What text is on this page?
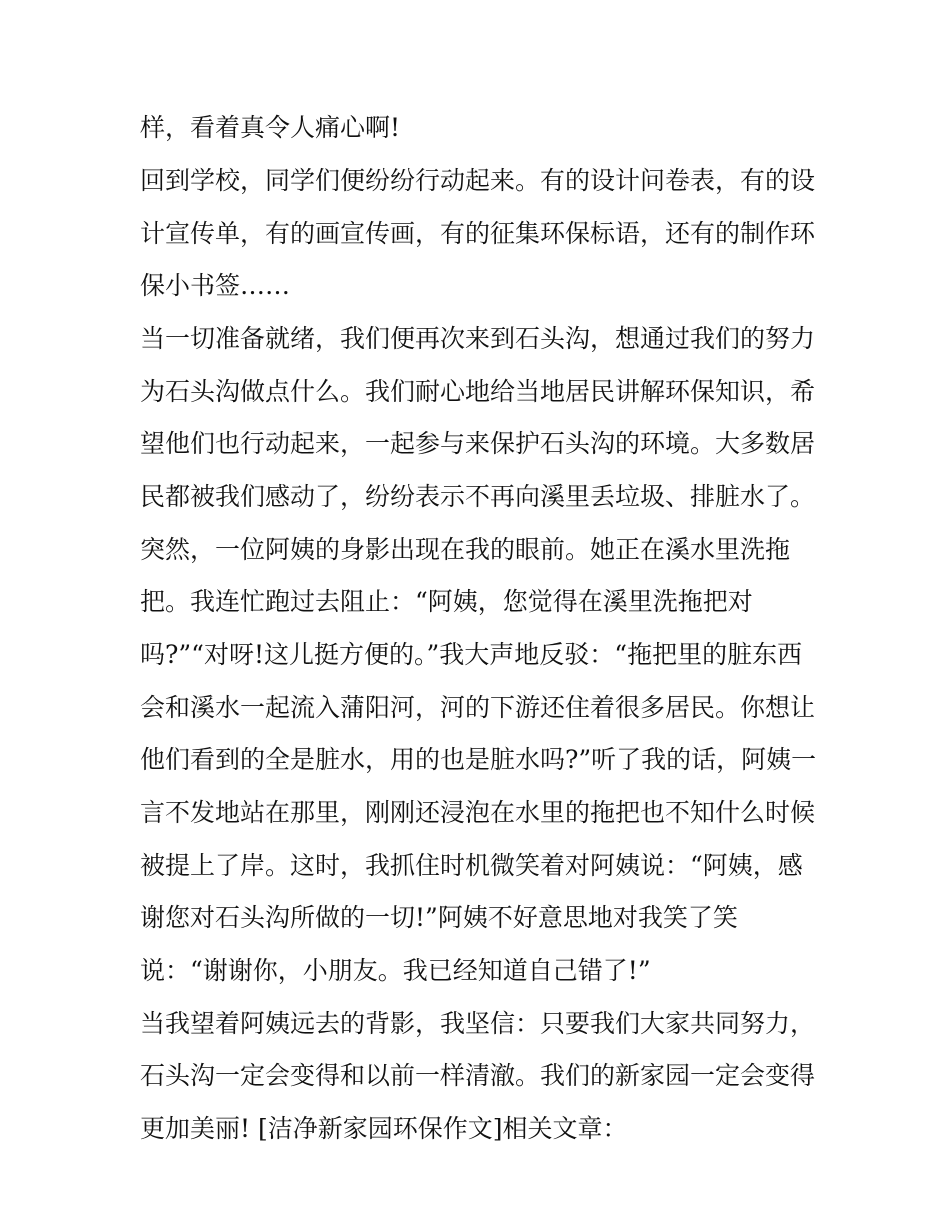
样，看着真令人痛心啊!
回到学校，同学们便纷纷行动起来。有的设计问卷表，有的设
计宣传单，有的画宣传画，有的征集环保标语，还有的制作环
保小书签……
当一切准备就绪，我们便再次来到石头沟，想通过我们的努力
为石头沟做点什么。我们耐心地给当地居民讲解环保知识，希
望他们也行动起来，一起参与来保护石头沟的环境。大多数居
民都被我们感动了，纷纷表示不再向溪里丢垃圾、排脏水了。
突然，一位阿姨的身影出现在我的眼前。她正在溪水里洗拖
把。我连忙跑过去阻止：“阿姨，您觉得在溪里洗拖把对
吗?”“对呀!这儿挺方便的。”我大声地反驳：“拖把里的脏东西
会和溪水一起流入蒲阳河，河的下游还住着很多居民。你想让
他们看到的全是脏水，用的也是脏水吗?”听了我的话，阿姨一
言不发地站在那里，刚刚还浸泡在水里的拖把也不知什么时候
被提上了岸。这时，我抓住时机微笑着对阿姨说：“阿姨，感
谢您对石头沟所做的一切!”阿姨不好意思地对我笑了笑
说：“谢谢你，小朋友。我已经知道自己错了!”
当我望着阿姨远去的背影，我坚信：只要我们大家共同努力，
石头沟一定会变得和以前一样清澈。我们的新家园一定会变得
更加美丽! [洁净新家园环保作文]相关文章：
